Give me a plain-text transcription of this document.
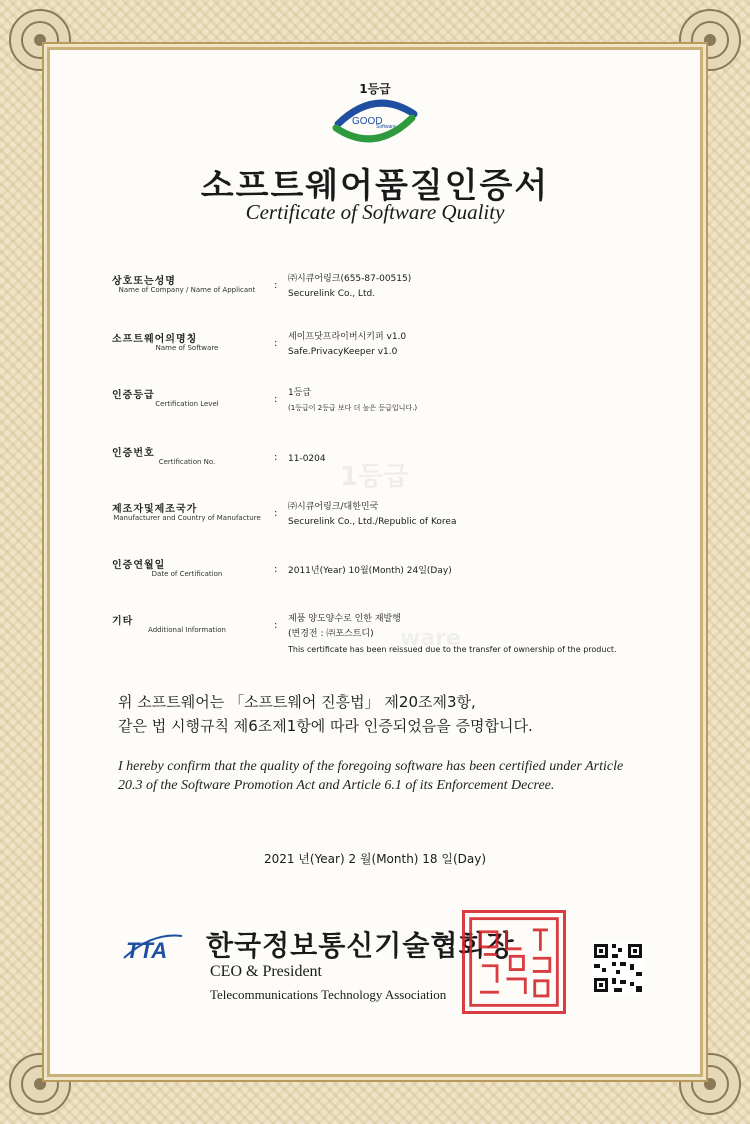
1등급
GOOD
Software
소프트웨어품질인증서
Certificate of Software Quality
상호또는성명
Name of Company / Name of Applicant	:
㈜시큐어링크(655-87-00515)
Securelink Co., Ltd.
소프트웨어의명칭
Name of Software	:
세이프닷프라이버시키퍼 v1.0
Safe.PrivacyKeeper v1.0
인증등급
Certification Level	:
1등급
(1등급이 2등급 보다 더 높은 등급입니다.)
인증번호
Certification No.	: 11-0204
1등급
제조자및제조국가
Manufacturer and Country of Manufacture :
㈜시큐어링크/대한민국
Securelink Co., Ltd./Republic of Korea
인증연월일
Date of Certification	: 2011년(Year) 10월(Month) 24일(Day)
기타
Additional Information	:
제품 양도양수로 인한 재발행
(변경전 : ㈜포스트디)
This certificate has been reissued due to the transfer of ownership of the product.
ware
위 소프트웨어는 「소프트웨어 진흥법」 제20조제3항,
같은 법 시행규칙 제6조제1항에 따라 인증되었음을 증명합니다.
I hereby confirm that the quality of the foregoing software has been certified under Article 20.3 of the Software Promotion Act and Article 6.1 of its Enforcement Decree.
2021 년(Year) 2 월(Month) 18 일(Day)
TTA 한국정보통신기술협회장
CEO & President
Telecommunications Technology Association
